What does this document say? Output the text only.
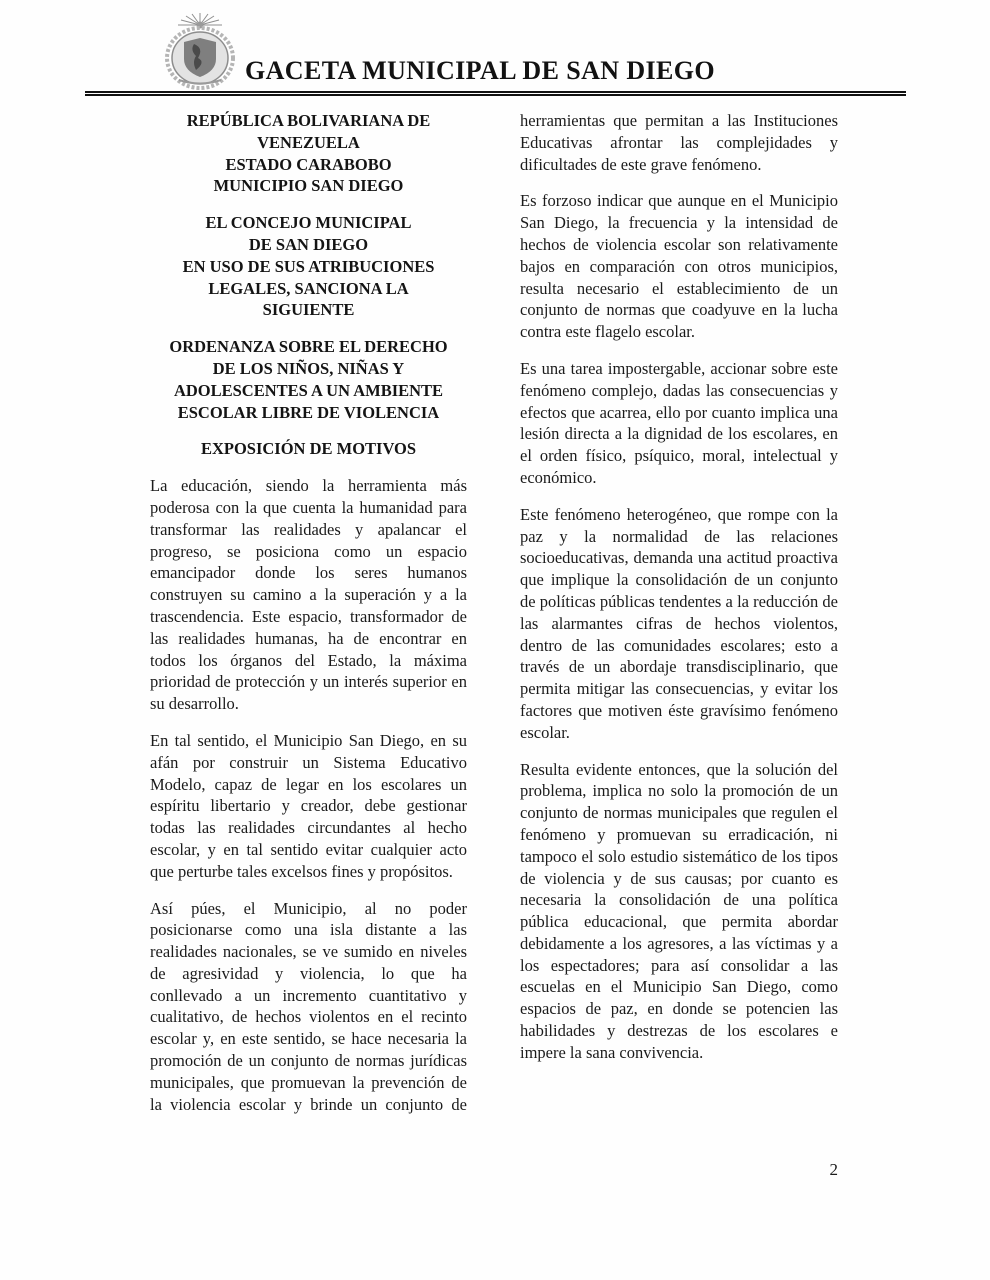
GACETA MUNICIPAL DE SAN DIEGO
REPÚBLICA BOLIVARIANA DE
VENEZUELA
ESTADO CARABOBO
MUNICIPIO SAN DIEGO
EL CONCEJO MUNICIPAL
DE SAN DIEGO
EN USO DE SUS ATRIBUCIONES
LEGALES, SANCIONA LA
SIGUIENTE
ORDENANZA SOBRE EL DERECHO
DE LOS NIÑOS, NIÑAS Y
ADOLESCENTES A UN AMBIENTE
ESCOLAR LIBRE DE VIOLENCIA
EXPOSICIÓN DE MOTIVOS

La educación, siendo la herramienta más poderosa con la que cuenta la humanidad para transformar las realidades y apalancar el progreso, se posiciona como un espacio emancipador donde los seres humanos construyen su camino a la superación y a la trascendencia. Este espacio, transformador de las realidades humanas, ha de encontrar en todos los órganos del Estado, la máxima prioridad de protección y un interés superior en su desarrollo.

En tal sentido, el Municipio San Diego, en su afán por construir un Sistema Educativo Modelo, capaz de legar en los escolares un espíritu libertario y creador, debe gestionar todas las realidades circundantes al hecho escolar, y en tal sentido evitar cualquier acto que perturbe tales excelsos fines y propósitos.

Así púes, el Municipio, al no poder posicionarse como una isla distante a las realidades nacionales, se ve sumido en niveles de agresividad y violencia, lo que ha conllevado a un incremento cuantitativo y cualitativo, de hechos violentos en el recinto escolar y, en este sentido, se hace necesaria la promoción de un conjunto de normas jurídicas municipales, que promuevan la prevención de la violencia escolar y brinde un conjunto de

herramientas que permitan a las Instituciones Educativas afrontar las complejidades y dificultades de este grave fenómeno.

Es forzoso indicar que aunque en el Municipio San Diego, la frecuencia y la intensidad de hechos de violencia escolar son relativamente bajos en comparación con otros municipios, resulta necesario el establecimiento de un conjunto de normas que coadyuve en la lucha contra este flagelo escolar.

Es una tarea impostergable, accionar sobre este fenómeno complejo, dadas las consecuencias y efectos que acarrea, ello por cuanto implica una lesión directa a la dignidad de los escolares, en el orden físico, psíquico, moral, intelectual y económico.

Este fenómeno heterogéneo, que rompe con la paz y la normalidad de las relaciones socioeducativas, demanda una actitud proactiva que implique la consolidación de un conjunto de políticas públicas tendentes a la reducción de las alarmantes cifras de hechos violentos, dentro de las comunidades escolares; esto a través de un abordaje transdisciplinario, que permita mitigar las consecuencias, y evitar los factores que motiven éste gravísimo fenómeno escolar.

Resulta evidente entonces, que la solución del problema, implica no solo la promoción de un conjunto de normas municipales que regulen el fenómeno y promuevan su erradicación, ni tampoco el solo estudio sistemático de los tipos de violencia y de sus causas; por cuanto es necesaria la consolidación de una política pública educacional, que permita abordar debidamente a los agresores, a las víctimas y a los espectadores; para así consolidar a las escuelas en el Municipio San Diego, como espacios de paz, en donde se potencien las habilidades y destrezas de los escolares e impere la sana convivencia.

2
